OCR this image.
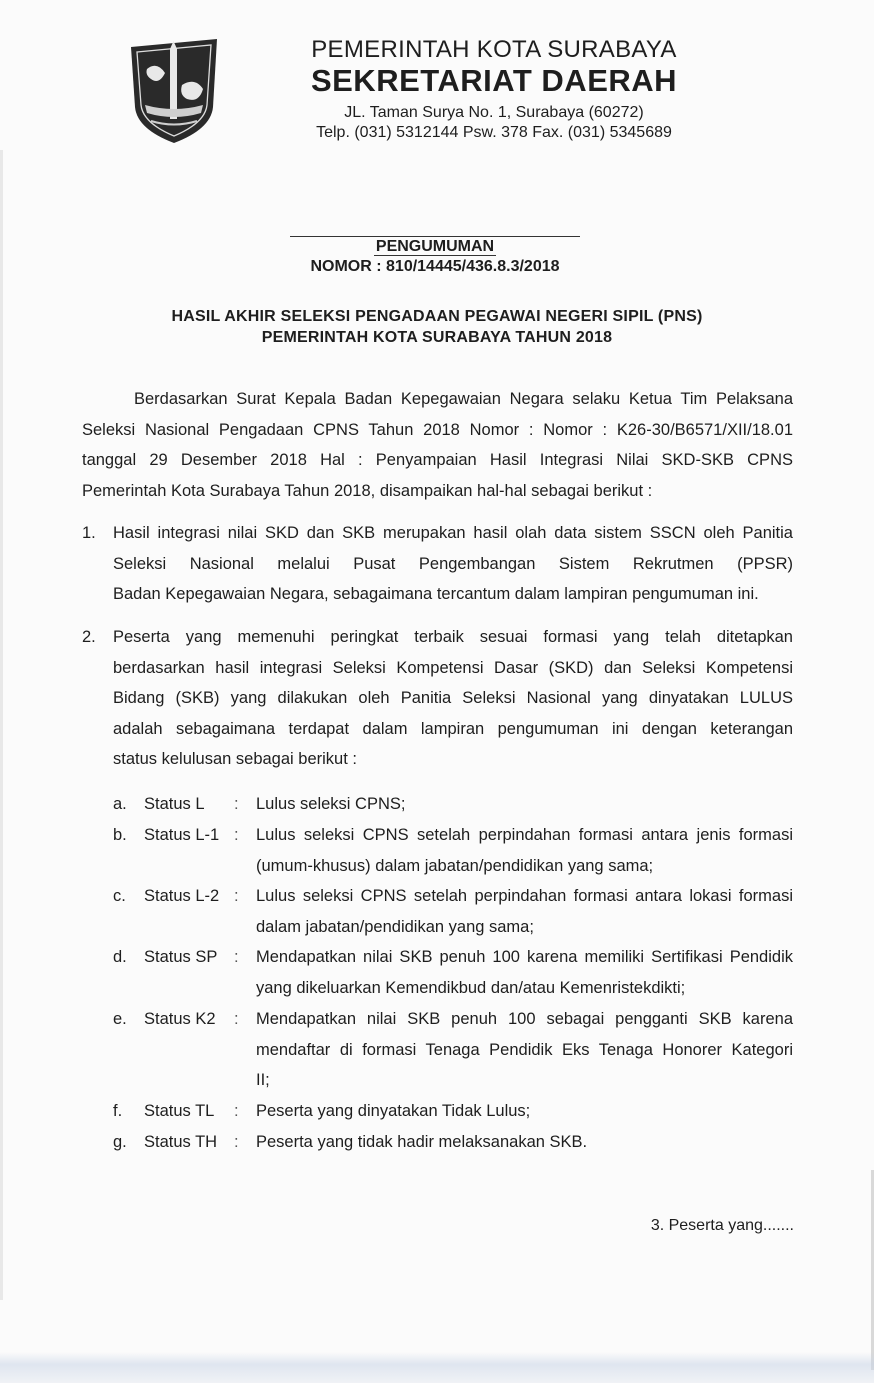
PEMERINTAH KOTA SURABAYA
SEKRETARIAT DAERAH
JL. Taman Surya No. 1, Surabaya (60272)
Telp. (031) 5312144 Psw. 378 Fax. (031) 5345689
PENGUMUMAN
NOMOR : 810/14445/436.8.3/2018
HASIL AKHIR SELEKSI PENGADAAN PEGAWAI NEGERI SIPIL (PNS)
PEMERINTAH KOTA SURABAYA TAHUN 2018
Berdasarkan Surat Kepala Badan Kepegawaian Negara selaku Ketua Tim Pelaksana
Seleksi Nasional Pengadaan CPNS Tahun 2018 Nomor : Nomor : K26-30/B6571/XII/18.01
tanggal 29 Desember 2018 Hal : Penyampaian Hasil Integrasi Nilai SKD-SKB CPNS
Pemerintah Kota Surabaya Tahun 2018, disampaikan hal-hal sebagai berikut :
1.	Hasil integrasi nilai SKD dan SKB merupakan hasil olah data sistem SSCN oleh Panitia
Seleksi Nasional melalui Pusat Pengembangan Sistem Rekrutmen (PPSR)
Badan Kepegawaian Negara, sebagaimana tercantum dalam lampiran pengumuman ini.
2.	Peserta yang memenuhi peringkat terbaik sesuai formasi yang telah ditetapkan
berdasarkan hasil integrasi Seleksi Kompetensi Dasar (SKD) dan Seleksi Kompetensi
Bidang (SKB) yang dilakukan oleh Panitia Seleksi Nasional yang dinyatakan LULUS
adalah sebagaimana terdapat dalam lampiran pengumuman ini dengan keterangan
status kelulusan sebagai berikut :
a.	Status L	:	Lulus seleksi CPNS;
b.	Status L-1 :	Lulus seleksi CPNS setelah perpindahan formasi antara jenis formasi
(umum-khusus) dalam jabatan/pendidikan yang sama;
c.	Status L-2 :	Lulus seleksi CPNS setelah perpindahan formasi antara lokasi formasi
dalam jabatan/pendidikan yang sama;
d.	Status SP	:	Mendapatkan nilai SKB penuh 100 karena memiliki Sertifikasi Pendidik
yang dikeluarkan Kemendikbud dan/atau Kemenristekdikti;
e.	Status K2	:	Mendapatkan nilai SKB penuh 100 sebagai pengganti SKB karena
mendaftar di formasi Tenaga Pendidik Eks Tenaga Honorer Kategori
II;
f.	Status TL	:	Peserta yang dinyatakan Tidak Lulus;
g.	Status TH	:	Peserta yang tidak hadir melaksanakan SKB.
3. Peserta yang.......
